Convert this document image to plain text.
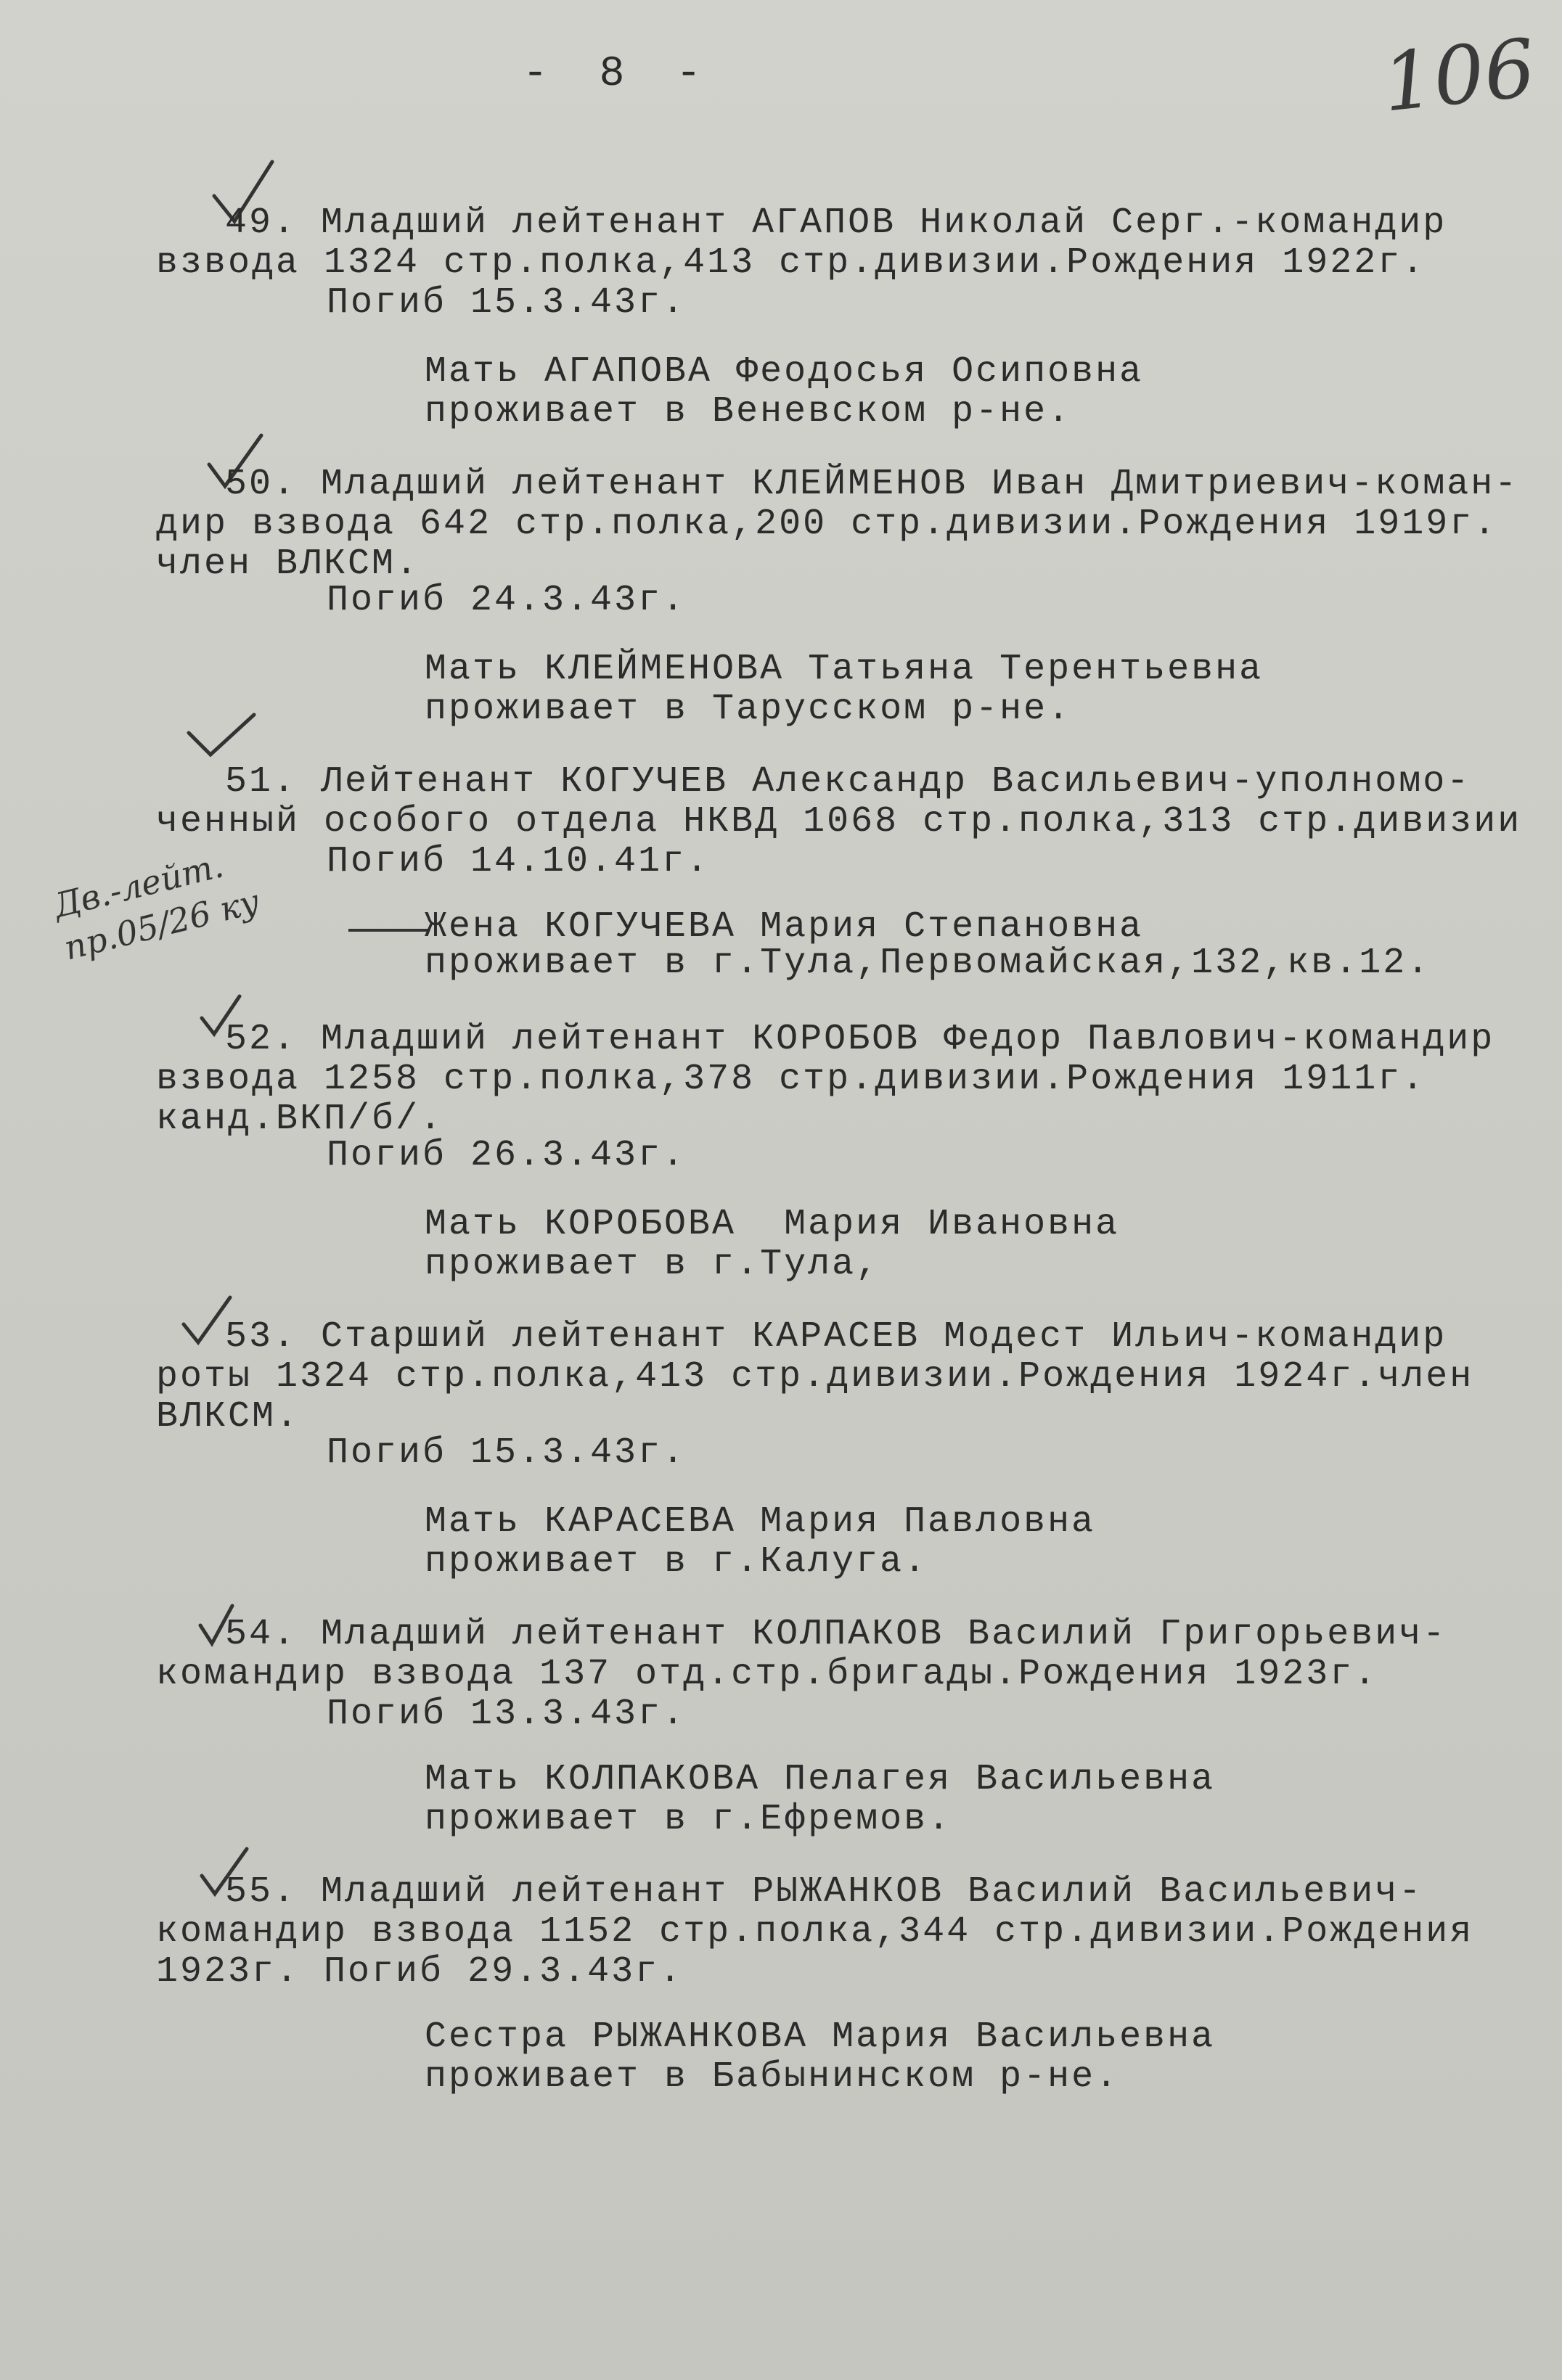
- 8 -	106
49. Младший лейтенант АГАПОВ Николай Серг.-командир
взвода 1324 стр.полка,413 стр.дивизии.Рождения 1922г.
Погиб 15.3.43г.
Мать АГАПОВА Феодосья Осиповна
проживает в Веневском р-не.
50. Младший лейтенант КЛЕЙМЕНОВ Иван Дмитриевич-коман-
дир взвода 642 стр.полка,200 стр.дивизии.Рождения 1919г.
член ВЛКСМ.
Погиб 24.3.43г.
Мать КЛЕЙМЕНОВА Татьяна Терентьевна
проживает в Тарусском р-не.
51. Лейтенант КОГУЧЕВ Александр Васильевич-уполномо-
ченный особого отдела НКВД 1068 стр.полка,313 стр.дивизии
Погиб 14.10.41г.
Дв.-лейт.
пр.05/26 ку	Жена КОГУЧЕВА Мария Степановна
проживает в г.Тула,Первомайская,132,кв.12.
52. Младший лейтенант КОРОБОВ Федор Павлович-командир
взвода 1258 стр.полка,378 стр.дивизии.Рождения 1911г.
канд.ВКП/б/.
Погиб 26.3.43г.
Мать КОРОБОВА  Мария Ивановна
проживает в г.Тула,
53. Старший лейтенант КАРАСЕВ Модест Ильич-командир
роты 1324 стр.полка,413 стр.дивизии.Рождения 1924г.член
ВЛКСМ.
Погиб 15.3.43г.
Мать КАРАСЕВА Мария Павловна
проживает в г.Калуга.
54. Младший лейтенант КОЛПАКОВ Василий Григорьевич-
командир взвода 137 отд.стр.бригады.Рождения 1923г.
Погиб 13.3.43г.
Мать КОЛПАКОВА Пелагея Васильевна
проживает в г.Ефремов.
55. Младший лейтенант РЫЖАНКОВ Василий Васильевич-
командир взвода 1152 стр.полка,344 стр.дивизии.Рождения
1923г. Погиб 29.3.43г.
Сестра РЫЖАНКОВА Мария Васильевна
проживает в Бабынинском р-не.
